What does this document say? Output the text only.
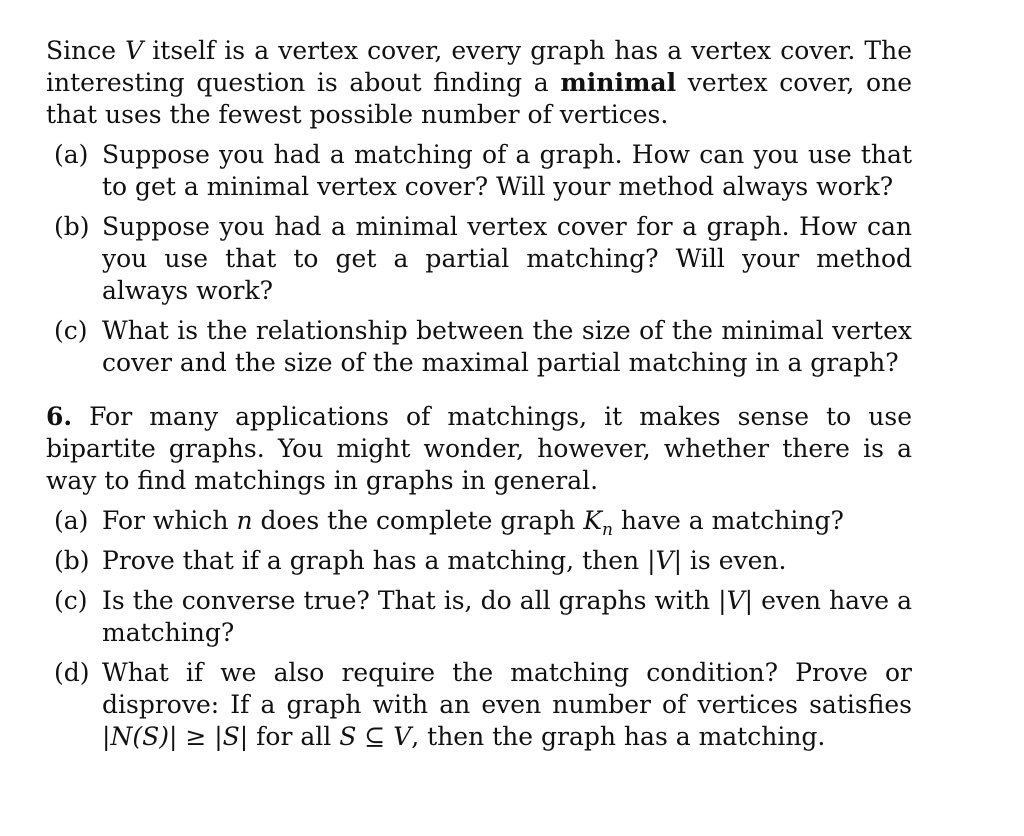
Since V itself is a vertex cover, every graph has a vertex cover. The interesting question is about finding a minimal vertex cover, one that uses the fewest possible number of vertices.

(a) Suppose you had a matching of a graph. How can you use that to get a minimal vertex cover? Will your method always work?
(b) Suppose you had a minimal vertex cover for a graph. How can you use that to get a partial matching? Will your method always work?
(c) What is the relationship between the size of the minimal vertex cover and the size of the maximal partial matching in a graph?

6. For many applications of matchings, it makes sense to use bipartite graphs. You might wonder, however, whether there is a way to find matchings in graphs in general.

(a) For which n does the complete graph $K_n$ have a matching?
(b) Prove that if a graph has a matching, then |V| is even.
(c) Is the converse true? That is, do all graphs with |V| even have a matching?
(d) What if we also require the matching condition? Prove or disprove: If a graph with an even number of vertices satisfies |N(S)| ≥ |S| for all S ⊆ V, then the graph has a matching.
